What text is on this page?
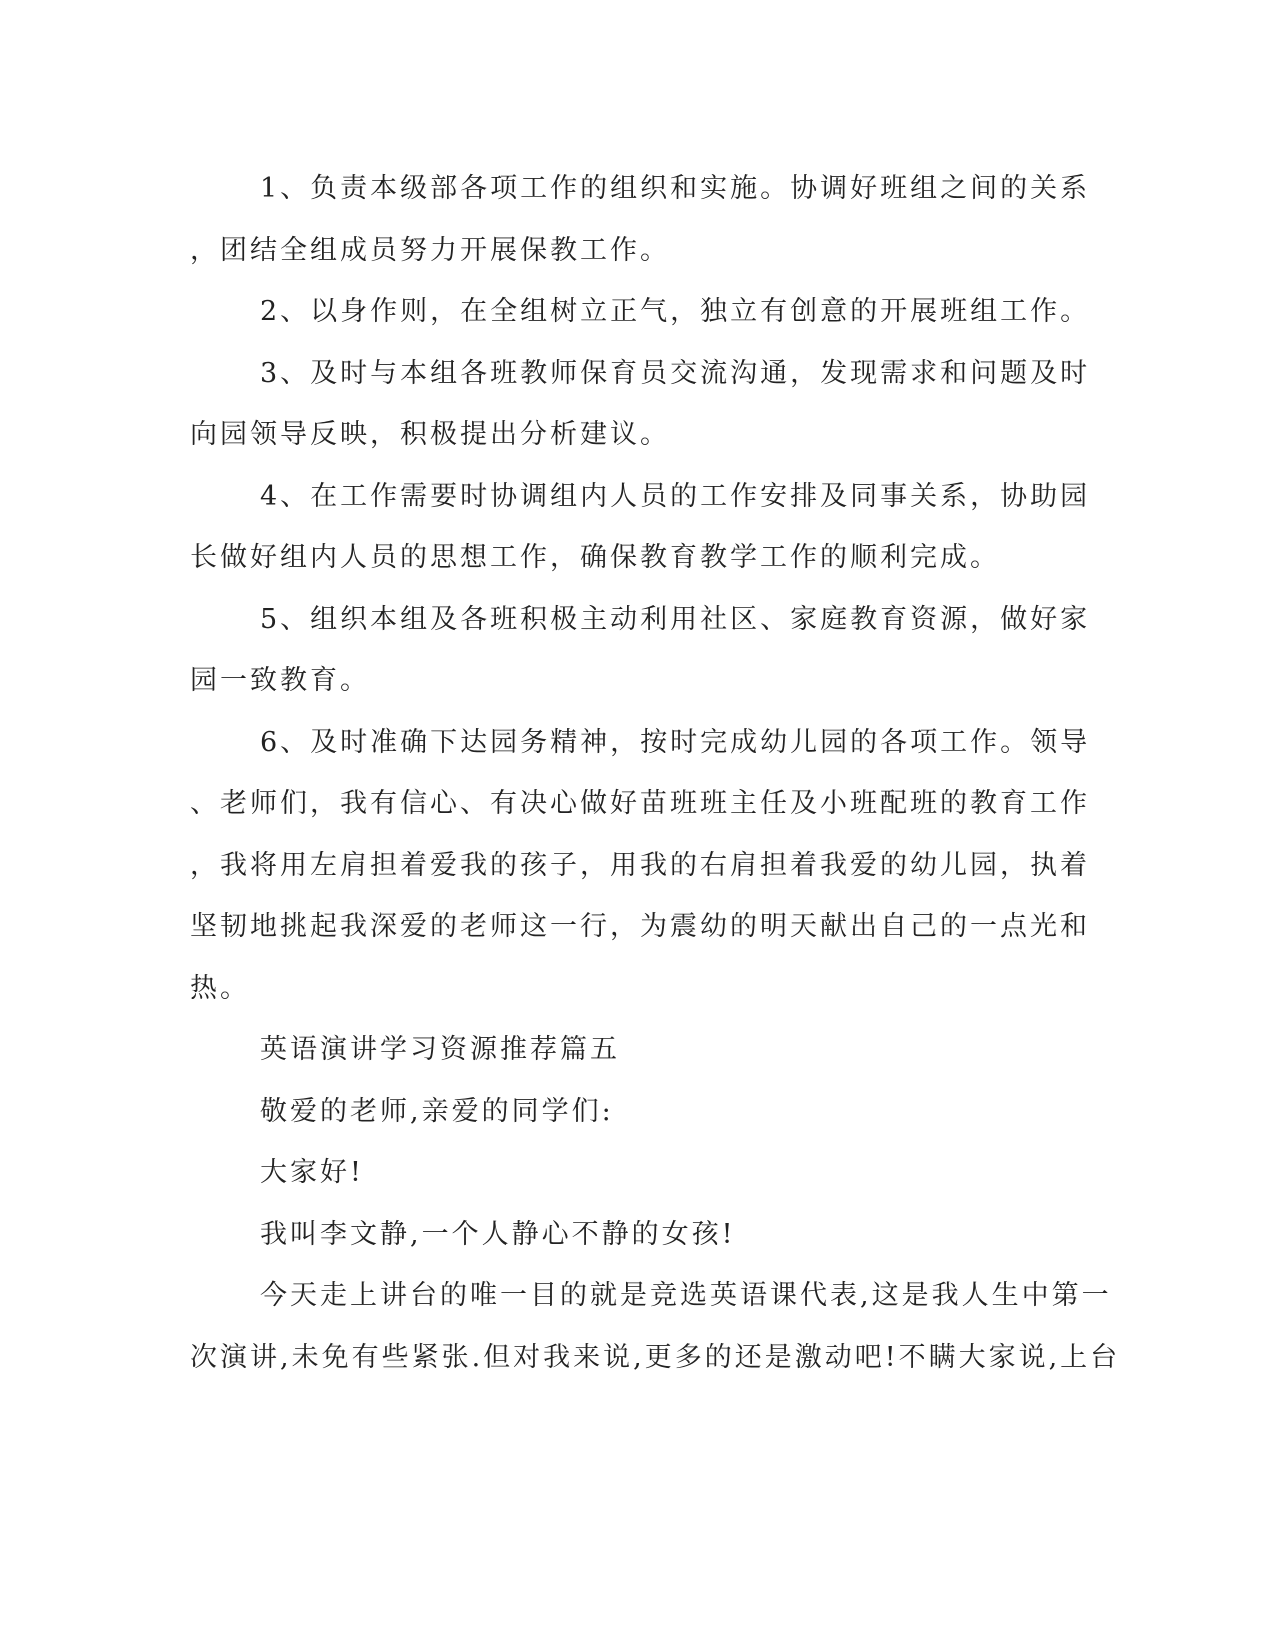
1、负责本级部各项工作的组织和实施。协调好班组之间的关系

，团结全组成员努力开展保教工作。

2、以身作则，在全组树立正气，独立有创意的开展班组工作。

3、及时与本组各班教师保育员交流沟通，发现需求和问题及时

向园领导反映，积极提出分析建议。

4、在工作需要时协调组内人员的工作安排及同事关系，协助园

长做好组内人员的思想工作，确保教育教学工作的顺利完成。

5、组织本组及各班积极主动利用社区、家庭教育资源，做好家

园一致教育。

6、及时准确下达园务精神，按时完成幼儿园的各项工作。领导

、老师们，我有信心、有决心做好苗班班主任及小班配班的教育工作

，我将用左肩担着爱我的孩子，用我的右肩担着我爱的幼儿园，执着

坚韧地挑起我深爱的老师这一行，为震幼的明天献出自己的一点光和

热。

英语演讲学习资源推荐篇五

敬爱的老师,亲爱的同学们:

大家好!

我叫李文静,一个人静心不静的女孩!

今天走上讲台的唯一目的就是竞选英语课代表,这是我人生中第一

次演讲,未免有些紧张.但对我来说,更多的还是激动吧!不瞒大家说,上台
